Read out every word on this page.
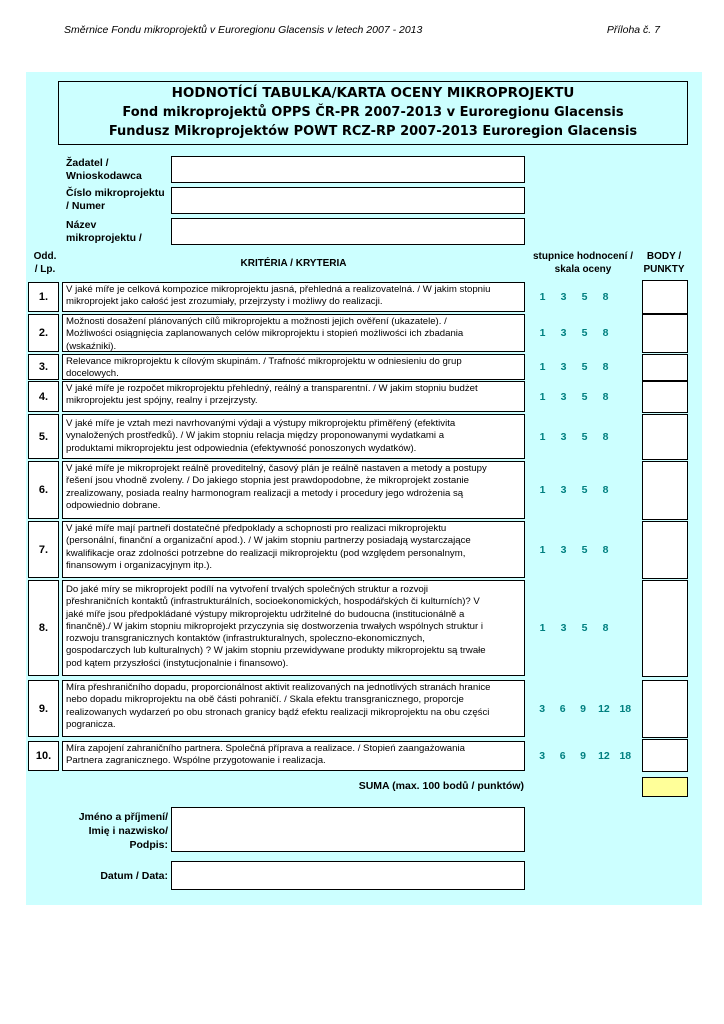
Směrnice Fondu mikroprojektů v Euroregionu Glacensis v letech 2007 - 2013	Příloha č. 7
HODNOTÍCÍ TABULKA/KARTA OCENY MIKROPROJEKTU
Fond mikroprojektů OPPS ČR-PR 2007-2013 v Euroregionu Glacensis
Fundusz Mikroprojektów POWT RCZ-RP 2007-2013 Euroregion Glacensis
Žadatel /
Wnioskodawca
Číslo mikroprojektu
/ Numer
Název
mikroprojektu /
Odd.
/ Lp.
KRITÉRIA / KRYTERIA
stupnice hodnocení /
skala oceny
BODY /
PUNKTY
1.
V jaké míře je celková kompozice mikroprojektu jasná, přehledná a realizovatelná. / W jakim stopniu
mikroprojekt jako całość jest zrozumiały, przejrzysty i możliwy do realizacji.	1	3	5	8
2.
Možnosti dosažení plánovaných cílů mikroprojektu a možnosti jejich ověření (ukazatele). /
Możliwości osiągnięcia zaplanowanych celów mikroprojektu i stopień możliwości ich zbadania
(wskaźniki).
1	3	5	8
3.	Relevance mikroprojektu k cílovým skupinám. / Trafność mikroprojektu w odniesieniu do grup
docelowych.
1	3	5	8
4.
V jaké míře je rozpočet mikroprojektu přehledný, reálný a transparentní. / W jakim stopniu budżet
mikroprojektu jest spójny, realny i przejrzysty.	1	3	5	8
5.
V jaké míře je vztah mezi navrhovanými výdaji a výstupy mikroprojektu přiměřený (efektivita
vynaložených prostředků). / W jakim stopniu relacja między proponowanymi wydatkami a
produktami mikroprojektu jest odpowiednia (efektywność ponoszonych wydatków).
1	3	5	8
6.
V jaké míře je mikroprojekt reálně proveditelný, časový plán je reálně nastaven a metody a postupy
řešení jsou vhodně zvoleny. / Do jakiego stopnia jest prawdopodobne, że mikroprojekt zostanie
zrealizowany, posiada realny harmonogram realizacji a metody i procedury jego wdrożenia są
odpowiednio dobrane.
1	3	5	8
7.
V jaké míře mají partneři dostatečné předpoklady a schopnosti pro realizaci mikroprojektu
(personální, finanční a organizační apod.). / W jakim stopniu partnerzy posiadają wystarczające
kwalifikacje oraz zdolności potrzebne do realizacji mikroprojektu (pod względem personalnym,
finansowym i organizacyjnym itp.).
1	3	5	8
8.
Do jaké míry se mikroprojekt podílí na vytvoření trvalých společných struktur a rozvoji
přeshraničních kontaktů (infrastrukturálních, socioekonomických, hospodářských či kulturních)? V
jaké míře jsou předpokládané výstupy mikroprojektu udržitelné do budoucna (institucionálně a
finančně)./ W jakim stopniu mikroprojekt przyczynia się dostworzenia trwałych wspólnych struktur i
rozwoju transgranicznych kontaktów (infrastrukturalnych, spoleczno-ekonomicznych,
gospodarczych lub kulturalnych) ? W jakim stopniu przewidywane produkty mikroprojektu są trwałe
pod kątem przyszłości (instytucjonalnie i finansowo).
1	3	5	8
9.
Míra přeshraničního dopadu, proporcionálnost aktivit realizovaných na jednotlivých stranách hranice
nebo dopadu mikroprojektu na obě části pohraničí. / Skala efektu transgranicznego, proporcje
realizowanych wydarzeń po obu stronach granicy bądź efektu realizacji mikroprojektu na obu części
pogranicza.
3	6	9	12 18
10.
Míra zapojení zahraničního partnera. Společná příprava a realizace. / Stopień zaangażowania
Partnera zagranicznego. Wspólne przygotowanie i realizacja.	3	6	9	12 18
SUMA (max. 100 bodů / punktów)
Jméno a příjmení/
Imię i nazwisko/
Podpis:
Datum / Data:
